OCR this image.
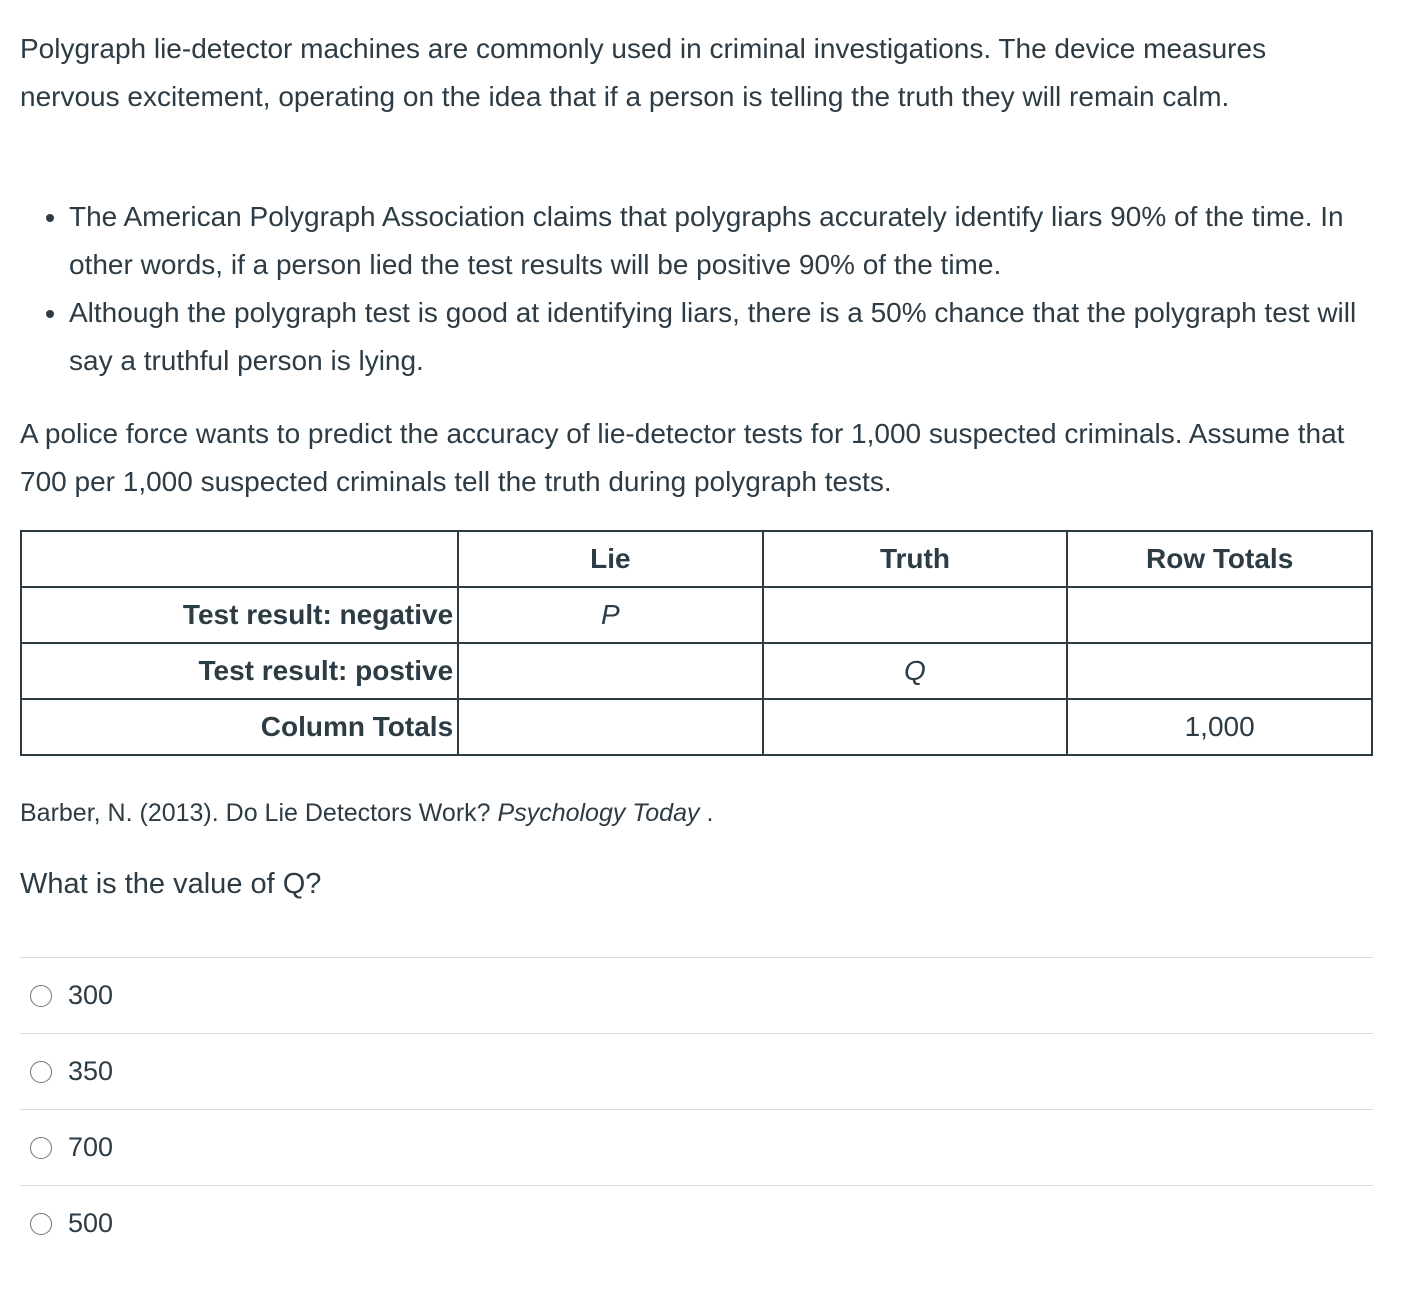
Polygraph lie-detector machines are commonly used in criminal investigations. The device measures nervous excitement, operating on the idea that if a person is telling the truth they will remain calm.

• The American Polygraph Association claims that polygraphs accurately identify liars 90% of the time. In other words, if a person lied the test results will be positive 90% of the time.
• Although the polygraph test is good at identifying liars, there is a 50% chance that the polygraph test will say a truthful person is lying.

A police force wants to predict the accuracy of lie-detector tests for 1,000 suspected criminals. Assume that 700 per 1,000 suspected criminals tell the truth during polygraph tests.

	Lie	Truth	Row Totals
Test result: negative	P		
Test result: postive		Q	
Column Totals			1,000

Barber, N. (2013). Do Lie Detectors Work? Psychology Today .

What is the value of Q?

300
350
700
500
